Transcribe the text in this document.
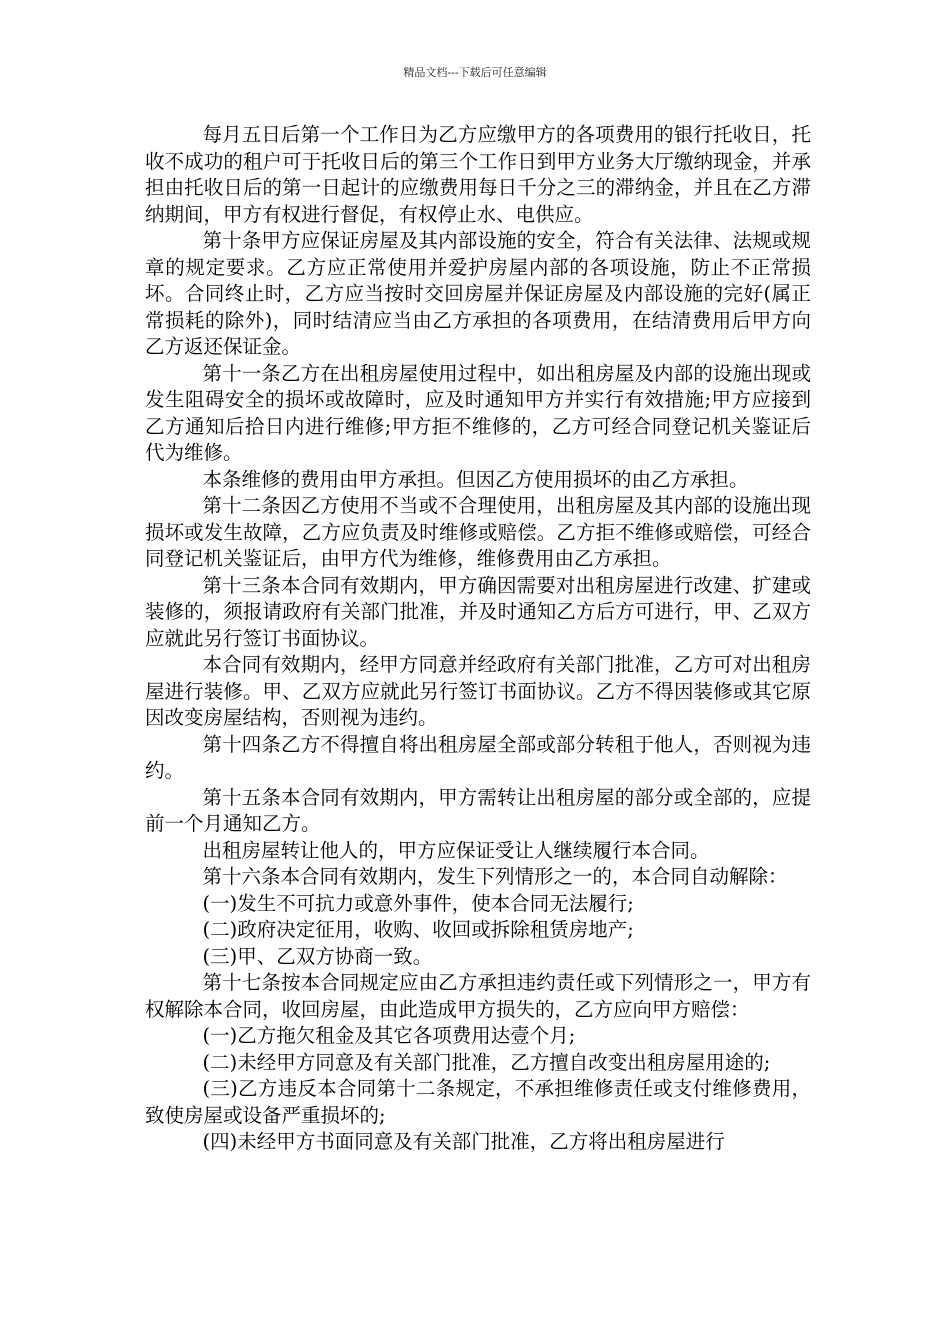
精品文档---下载后可任意编辑

每月五日后第一个工作日为乙方应缴甲方的各项费用的银行托收日，托收不成功的租户可于托收日后的第三个工作日到甲方业务大厅缴纳现金，并承担由托收日后的第一日起计的应缴费用每日千分之三的滞纳金，并且在乙方滞纳期间，甲方有权进行督促，有权停止水、电供应。

第十条甲方应保证房屋及其内部设施的安全，符合有关法律、法规或规章的规定要求。乙方应正常使用并爱护房屋内部的各项设施，防止不正常损坏。合同终止时，乙方应当按时交回房屋并保证房屋及内部设施的完好(属正常损耗的除外)，同时结清应当由乙方承担的各项费用，在结清费用后甲方向乙方返还保证金。

第十一条乙方在出租房屋使用过程中，如出租房屋及内部的设施出现或发生阻碍安全的损坏或故障时，应及时通知甲方并实行有效措施;甲方应接到乙方通知后拾日内进行维修;甲方拒不维修的，乙方可经合同登记机关鉴证后代为维修。

本条维修的费用由甲方承担。但因乙方使用损坏的由乙方承担。

第十二条因乙方使用不当或不合理使用，出租房屋及其内部的设施出现损坏或发生故障，乙方应负责及时维修或赔偿。乙方拒不维修或赔偿，可经合同登记机关鉴证后，由甲方代为维修，维修费用由乙方承担。

第十三条本合同有效期内，甲方确因需要对出租房屋进行改建、扩建或装修的，须报请政府有关部门批准，并及时通知乙方后方可进行，甲、乙双方应就此另行签订书面协议。

本合同有效期内，经甲方同意并经政府有关部门批准，乙方可对出租房屋进行装修。甲、乙双方应就此另行签订书面协议。乙方不得因装修或其它原因改变房屋结构，否则视为违约。

第十四条乙方不得擅自将出租房屋全部或部分转租于他人，否则视为违约。

第十五条本合同有效期内，甲方需转让出租房屋的部分或全部的，应提前一个月通知乙方。

出租房屋转让他人的，甲方应保证受让人继续履行本合同。

第十六条本合同有效期内，发生下列情形之一的，本合同自动解除：

(一)发生不可抗力或意外事件，使本合同无法履行;

(二)政府决定征用，收购、收回或拆除租赁房地产;

(三)甲、乙双方协商一致。

第十七条按本合同规定应由乙方承担违约责任或下列情形之一，甲方有权解除本合同，收回房屋，由此造成甲方损失的，乙方应向甲方赔偿：

(一)乙方拖欠租金及其它各项费用达壹个月;

(二)未经甲方同意及有关部门批准，乙方擅自改变出租房屋用途的;

(三)乙方违反本合同第十二条规定，不承担维修责任或支付维修费用，致使房屋或设备严重损坏的;

(四)未经甲方书面同意及有关部门批准，乙方将出租房屋进行
